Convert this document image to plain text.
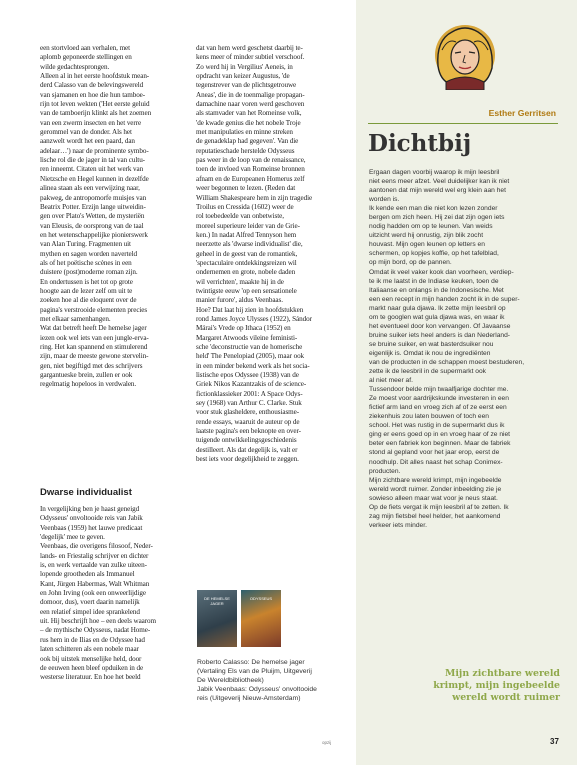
een stortvloed aan verhalen, met
aplomb geponeerde stellingen en
wilde gedachtesprongen.
Alleen al in het eerste hoofdstuk mean-
derd Calasso van de belevingswereld
van sjamanen en hoe die hun tamboe-
rijn tot leven wekten ('Het eerste geluid
van de tamboerijn klinkt als het zoemen
van een zwerm insecten en het verre
gerommel van de donder. Als het
aanzwelt wordt het een paard, dan
adelaar…') naar de prominente symbo-
lische rol die de jager in tal van cultu-
ren inneemt. Citaten uit het werk van
Nietzsche en Hegel kunnen in dezelfde
alinea staan als een verwijzing naar,
pakweg, de antropomorfe muisjes van
Beatrix Potter. Erzijn lange uitweidin-
gen over Plato's Wetten, de mysteriën
van Eleusis, de oorsprong van de taal
en het wetenschappelijke pionierswerk
van Alan Turing. Fragmenten uit
mythen en sagen worden naverteld
als of het poëtische scènes in een
duistere (post)moderne roman zijn.
En ondertussen is het tot op grote
hoogte aan de lezer zelf om uit te
zoeken hoe al die eloquent over de
pagina's verstrooide elementen precies
met elkaar samenhangen.
Wat dat betreft heeft De hemelse jager
iezen ook wel iets van een jungle-erva-
ring. Het kan spannend en stimulerend
zijn, maar de meeste gewone stervelin-
gen, niet begiftigd met des schrijvers
gargantueske brein, zullen er ook
regelmatig hopeloos in verdwalen.
Dwarse individualist
In vergelijking ben je haast geneigd
Odysseus' onvoltooide reis van Jabik
Veenbaas (1959) het lauwe predicaat
'degelijk' mee te geven.
Veenbaas, die overigens filosoof, Neder-
lands- en Friestalig schrijver en dichter
is, en werk vertaalde van zulke uiteen-
lopende grootheden als Immanuel
Kant, Jürgen Habermas, Walt Whitman
en John Irving (ook een onweerlijdige
domoor, dus), voert daarin namelijk
een relatief simpel idee sprankelend
uit. Hij beschrijft hoe – een deels waarom
– de mythische Odysseus, nadat Home-
rus hem in de Ilias en de Odyssee had
laten schitteren als een nobele maar
ook bij uitstek menselijke held, door
de eeuwen heen bleef opduiken in de
westerse literatuur. En hoe het beeld
dat van hem werd geschetst daarbij te-
kens meer of minder subtiel verschoof.
Zo werd hij in Vergilius' Aeneis, in
opdracht van keizer Augustus, 'de
tegenstrever van de plichtsgetrouwe
Aneas', die in de toenmalige propagan-
damachine naar voren werd geschoven
als stamvader van het Romeinse volk,
'de kwade genius die het nobele Troje
met manipulaties en minne streken
de genadeklap had gegeven'. Van die
reputatieschade herstelde Odysseus
pas weer in de loop van de renaissance,
toen de invloed van Romeinse bronnen
afnam en de Europeanen Homerus zelf
weer begonnen te lezen. (Reden dat
William Shakespeare hem in zijn tragedie
Troilus en Cressida (1602) weer de
rol toebedeelde van onbetwiste,
moreel superieure leider van de Grie-
ken.) In nadat Alfred Tennyson hem
neerzette als 'dwarse individualist' die,
geheel in de geest van de romantiek,
'spectaculaire ontdekkingsreizen wil
ondernemen en grote, nobele daden
wil verrichten', maakte hij in de
twintigste eeuw 'op een sensationele
manier furore', aldus Veenbaas.
Hoe? Dat laat hij zien in hoofdstukken
rond James Joyce Ulysses (1922), Sándor
Márai's Vrede op Ithaca (1952) en
Margaret Atwoods vileine feministi-
sche 'deconstructie van de homerische
held' The Penelopiad (2005), maar ook
in een minder bekend werk als het socia-
listische epos Odyssee (1938) van de
Griek Nikos Kazantzakis of de science-
fictionklassieker 2001: A Space Odys-
sey (1968) van Arthur C. Clarke. Stuk
voor stuk glasheldere, enthousiasme-
rende essays, waaruit de auteur op de
laatste pagina's een beknopte en over-
tuigende ontwikkelingsgeschiedenis
destilleert. Als dat degelijk is, valt er
best iets voor degelijkheid te zeggen.
DE HEMELSE JAGER
ODYSSEUS
Roberto Calasso: De hemelse jager
(Vertaling Els van de Pluijm, Uitgeverij
De Wereldbibliotheek)
Jabik Veenbaas: Odysseus' onvoltooide
reis (Uitgeverij Nieuw-Amsterdam)
Esther Gerritsen
Dichtbij
Ergaan dagen voorbij waarop ik mijn leesbril
niet eens meer afzet. Veel duidelijker kan ik niet
aantonen dat mijn wereld wel erg klein aan het
worden is.
Ik kende een man die niet kon lezen zonder
bergen om zich heen. Hij zei dat zijn ogen iets
nodig hadden om op te leunen. Van weids
uitzicht werd hij onrustig, zijn blik zocht
houvast. Mijn ogen leunen op letters en
schermen, op kopjes koffie, op het tafelblad,
op mijn bord, op de pannen.
Omdat ik veel vaker kook dan voorheen, verdiep-
te ik me laatst in de Indiase keuken, toen de
Italiaanse en onlangs in de Indonesische. Met
een een recept in mijn handen zocht ik in de super-
markt naar gula djawa. Ik zette mijn leesbril op
om te googlen wat gula djawa was, en waar ik
het eventueel door kon vervangen. Of Javaanse
bruine suiker iets heel anders is dan Nederland-
se bruine suiker, en wat basterdsuiker nou
eigenlijk is. Omdat ik nou de ingrediënten
van de producten in de schappen moest bestuderen,
zette ik de leesbril in de supermarkt ook
al niet meer af.
Tussendoor belde mijn twaalfjarige dochter me.
Ze moest voor aardrijkskunde investeren in een
fictief arm land en vroeg zich af of ze eerst een
ziekenhuis zou laten bouwen of toch een
school. Het was rustig in de supermarkt dus ik
ging er eens goed op in en vroeg haar of ze niet
beter een fabriek kon beginnen. Maar de fabriek
stond al gepland voor het jaar erop, eerst de
noodhulp. Dit alles naast het schap Conimex-
producten.
Mijn zichtbare wereld krimpt, mijn ingebeelde
wereld wordt ruimer. Zonder inbeelding zie je
sowieso alleen maar wat voor je neus staat.
Op de fiets vergat ik mijn leesbril af te zetten. Ik
zag mijn fietsbel heel helder, het aankomend
verkeer iets minder.
Mijn zichtbare wereld
krimpt, mijn ingebeelde
wereld wordt ruimer
opzij	37
